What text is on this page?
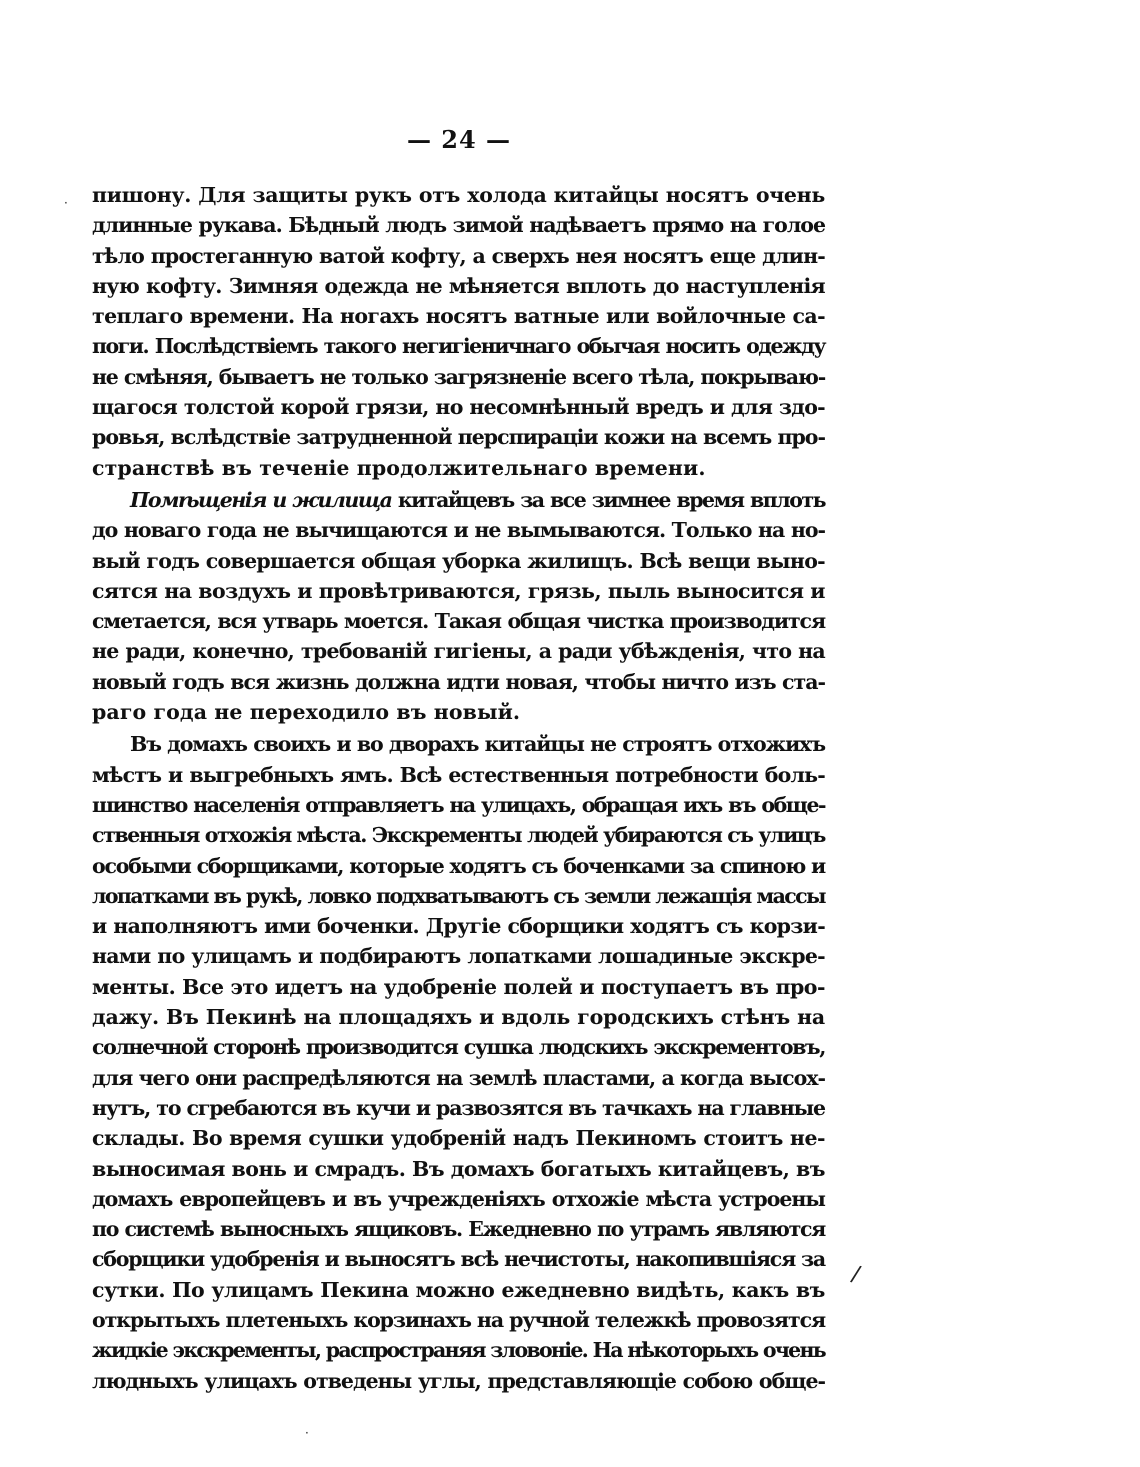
— 24 —
пишону. Для защиты рукъ отъ холода китайцы носятъ очень
длинные рукава. Бѣдный людъ зимой надѣваетъ прямо на голое
тѣло простеганную ватой кофту, а сверхъ нея носятъ еще длин-
ную кофту. Зимняя одежда не мѣняется вплоть до наступленія
теплаго времени. На ногахъ носятъ ватные или войлочные са-
поги. Послѣдствіемъ такого негигіеничнаго обычая носить одежду
не смѣняя, бываетъ не только загрязненіе всего тѣла, покрываю-
щагося толстой корой грязи, но несомнѣнный вредъ и для здо-
ровья, вслѣдствіе затрудненной перспираціи кожи на всемъ про-
странствѣ въ теченіе продолжительнаго времени.
Помѣщенія и жилища китайцевъ за все зимнее время вплоть
до новаго года не вычищаются и не вымываются. Только на но-
вый годъ совершается общая уборка жилищъ. Всѣ вещи выно-
сятся на воздухъ и провѣтриваются, грязь, пыль выносится и
сметается, вся утварь моется. Такая общая чистка производится
не ради, конечно, требованій гигіены, а ради убѣжденія, что на
новый годъ вся жизнь должна идти новая, чтобы ничто изъ ста-
раго года не переходило въ новый.
Въ домахъ своихъ и во дворахъ китайцы не строятъ отхожихъ
мѣстъ и выгребныхъ ямъ. Всѣ естественныя потребности боль-
шинство населенія отправляетъ на улицахъ, обращая ихъ въ обще-
ственныя отхожія мѣста. Экскременты людей убираются съ улицъ
особыми сборщиками, которые ходятъ съ боченками за спиною и
лопатками въ рукѣ, ловко подхватываютъ съ земли лежащія массы
и наполняютъ ими боченки. Другіе сборщики ходятъ съ корзи-
нами по улицамъ и подбираютъ лопатками лошадиные экскре-
менты. Все это идетъ на удобреніе полей и поступаетъ въ про-
дажу. Въ Пекинѣ на площадяхъ и вдоль городскихъ стѣнъ на
солнечной сторонѣ производится сушка людскихъ экскрементовъ,
для чего они распредѣляются на землѣ пластами, а когда высох-
нутъ, то сгребаются въ кучи и развозятся въ тачкахъ на главные
склады. Во время сушки удобреній надъ Пекиномъ стоитъ не-
выносимая вонь и смрадъ. Въ домахъ богатыхъ китайцевъ, въ
домахъ европейцевъ и въ учрежденіяхъ отхожіе мѣста устроены
по системѣ выносныхъ ящиковъ. Ежедневно по утрамъ являются
сборщики удобренія и выносятъ всѣ нечистоты, накопившіяся за
сутки. По улицамъ Пекина можно ежедневно видѣть, какъ въ
открытыхъ плетеныхъ корзинахъ на ручной тележкѣ провозятся
жидкіе экскременты, распространяя зловоніе. На нѣкоторыхъ очень
людныхъ улицахъ отведены углы, представляющіе собою обще-
·
/
·
